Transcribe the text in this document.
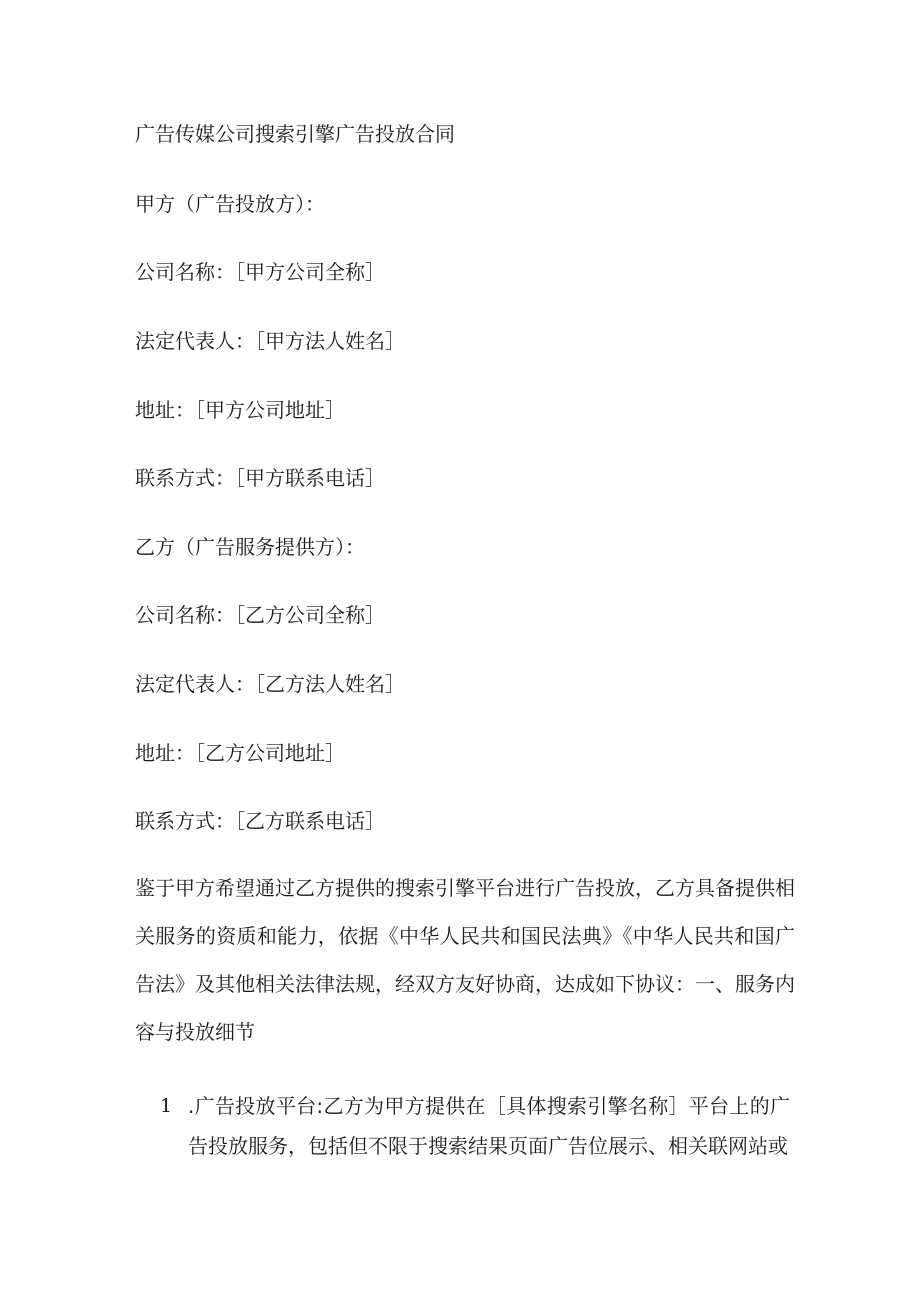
广告传媒公司搜索引擎广告投放合同
甲方（广告投放方）：
公司名称：［甲方公司全称］
法定代表人：［甲方法人姓名］
地址：［甲方公司地址］
联系方式：［甲方联系电话］
乙方（广告服务提供方）：
公司名称：［乙方公司全称］
法定代表人：［乙方法人姓名］
地址：［乙方公司地址］
联系方式：［乙方联系电话］
鉴于甲方希望通过乙方提供的搜索引擎平台进行广告投放，乙方具备提供相关服务的资质和能力，依据《中华人民共和国民法典》《中华人民共和国广告法》及其他相关法律法规，经双方友好协商，达成如下协议：一、服务内容与投放细节
1 .广告投放平台:乙方为甲方提供在［具体搜索引擎名称］平台上的广告投放服务，包括但不限于搜索结果页面广告位展示、相关联网站或
